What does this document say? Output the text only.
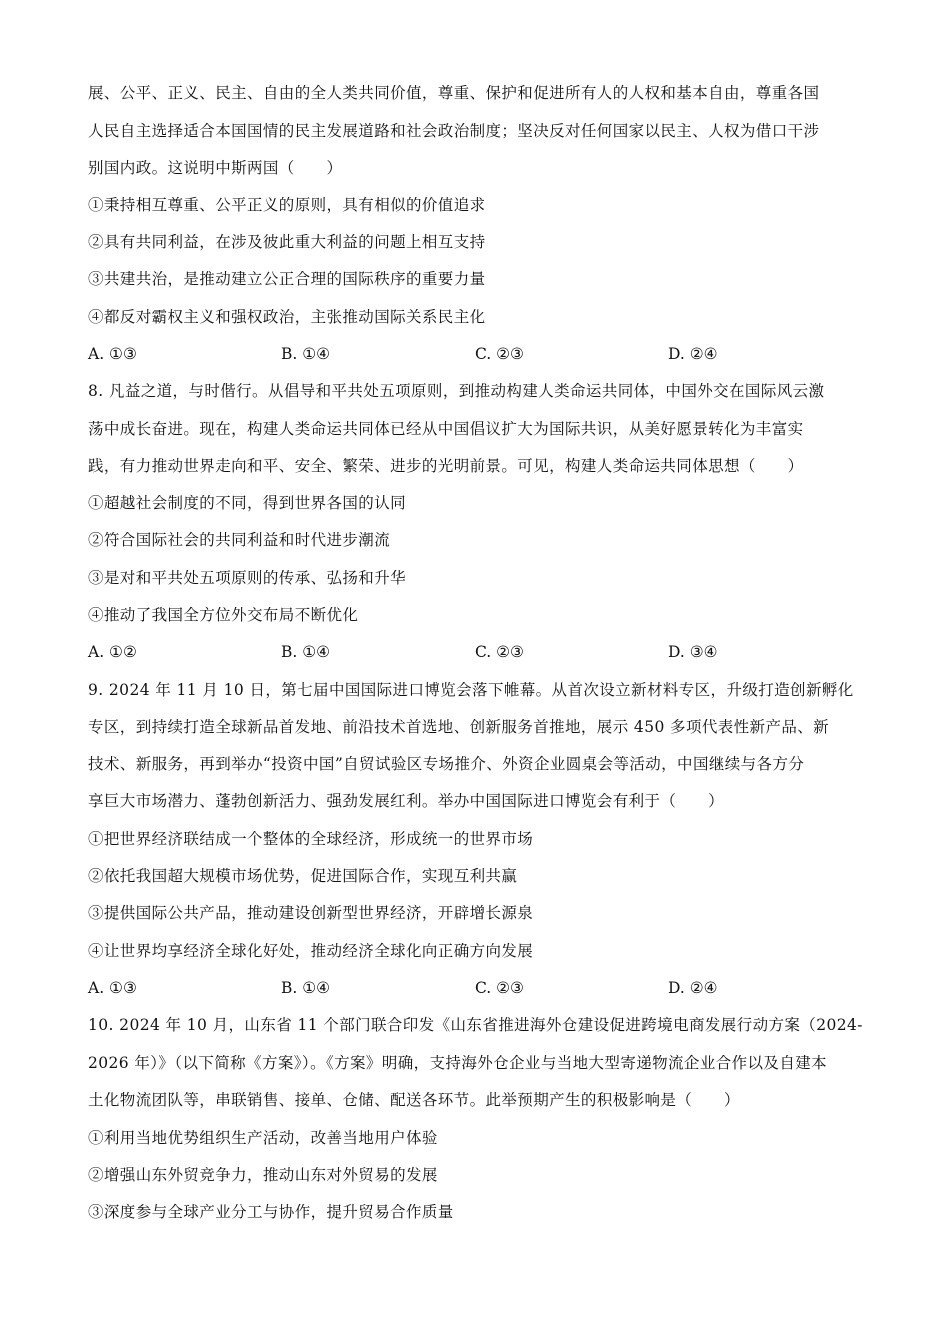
展、公平、正义、民主、自由的全人类共同价值，尊重、保护和促进所有人的人权和基本自由，尊重各国
人民自主选择适合本国国情的民主发展道路和社会政治制度；坚决反对任何国家以民主、人权为借口干涉
别国内政。这说明中斯两国（　　）
①秉持相互尊重、公平正义的原则，具有相似的价值追求
②具有共同利益，在涉及彼此重大利益的问题上相互支持
③共建共治，是推动建立公正合理的国际秩序的重要力量
④都反对霸权主义和强权政治，主张推动国际关系民主化
A. ①③	B. ①④	C. ②③	D. ②④
8. 凡益之道，与时偕行。从倡导和平共处五项原则，到推动构建人类命运共同体，中国外交在国际风云激
荡中成长奋进。现在，构建人类命运共同体已经从中国倡议扩大为国际共识，从美好愿景转化为丰富实
践，有力推动世界走向和平、安全、繁荣、进步的光明前景。可见，构建人类命运共同体思想（　　）
①超越社会制度的不同，得到世界各国的认同
②符合国际社会的共同利益和时代进步潮流
③是对和平共处五项原则的传承、弘扬和升华
④推动了我国全方位外交布局不断优化
A. ①②	B. ①④	C. ②③	D. ③④
9. 2024 年 11 月 10 日，第七届中国国际进口博览会落下帷幕。从首次设立新材料专区，升级打造创新孵化
专区，到持续打造全球新品首发地、前沿技术首选地、创新服务首推地，展示 450 多项代表性新产品、新
技术、新服务，再到举办“投资中国”自贸试验区专场推介、外资企业圆桌会等活动，中国继续与各方分
享巨大市场潜力、蓬勃创新活力、强劲发展红利。举办中国国际进口博览会有利于（　　）
①把世界经济联结成一个整体的全球经济，形成统一的世界市场
②依托我国超大规模市场优势，促进国际合作，实现互利共赢
③提供国际公共产品，推动建设创新型世界经济，开辟增长源泉
④让世界均享经济全球化好处，推动经济全球化向正确方向发展
A. ①③	B. ①④	C. ②③	D. ②④
10. 2024 年 10 月，山东省 11 个部门联合印发《山东省推进海外仓建设促进跨境电商发展行动方案（2024-
2026 年）》（以下简称《方案》）。《方案》明确，支持海外仓企业与当地大型寄递物流企业合作以及自建本
土化物流团队等，串联销售、接单、仓储、配送各环节。此举预期产生的积极影响是（　　）
①利用当地优势组织生产活动，改善当地用户体验
②增强山东外贸竞争力，推动山东对外贸易的发展
③深度参与全球产业分工与协作，提升贸易合作质量
